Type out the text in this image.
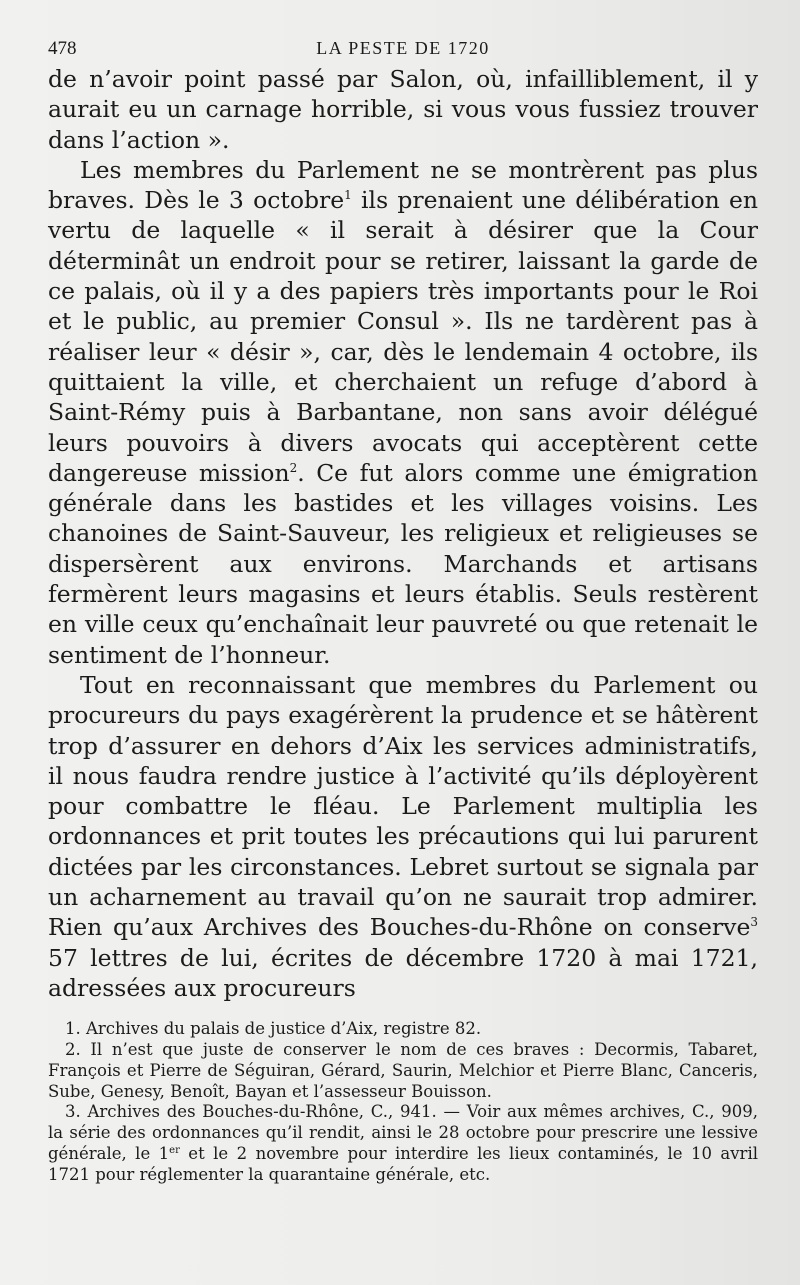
478	LA PESTE DE 1720

de n’avoir point passé par Salon, où, infailliblement, il y aurait eu un carnage horrible, si vous vous fussiez trouver dans l’action ».

Les membres du Parlement ne se montrèrent pas plus braves. Dès le 3 octobre$^1$ ils prenaient une délibération en vertu de laquelle « il serait à désirer que la Cour déterminât un endroit pour se retirer, laissant la garde de ce palais, où il y a des papiers très importants pour le Roi et le public, au premier Consul ». Ils ne tardèrent pas à réaliser leur « désir », car, dès le lendemain 4 octobre, ils quittaient la ville, et cherchaient un refuge d’abord à Saint-Rémy puis à Barbantane, non sans avoir délégué leurs pouvoirs à divers avocats qui acceptèrent cette dangereuse mission$^2$. Ce fut alors comme une émigration générale dans les bastides et les villages voisins. Les chanoines de Saint-Sauveur, les religieux et religieuses se dispersèrent aux environs. Marchands et artisans fermèrent leurs magasins et leurs établis. Seuls restèrent en ville ceux qu’enchaînait leur pauvreté ou que retenait le sentiment de l’honneur.

Tout en reconnaissant que membres du Parlement ou procureurs du pays exagérèrent la prudence et se hâtèrent trop d’assurer en dehors d’Aix les services administratifs, il nous faudra rendre justice à l’activité qu’ils déployèrent pour combattre le fléau. Le Parlement multiplia les ordonnances et prit toutes les précautions qui lui parurent dictées par les circonstances. Lebret surtout se signala par un acharnement au travail qu’on ne saurait trop admirer. Rien qu’aux Archives des Bouches-du-Rhône on conserve$^3$ 57 lettres de lui, écrites de décembre 1720 à mai 1721, adressées aux procureurs

1. Archives du palais de justice d’Aix, registre 82.

2. Il n’est que juste de conserver le nom de ces braves : Decormis, Tabaret, François et Pierre de Séguiran, Gérard, Saurin, Melchior et Pierre Blanc, Canceris, Sube, Genesy, Benoît, Bayan et l’assesseur Bouisson.

3. Archives des Bouches-du-Rhône, C., 941. — Voir aux mêmes archives, C., 909, la série des ordonnances qu’il rendit, ainsi le 28 octobre pour prescrire une lessive générale, le 1er et le 2 novembre pour interdire les lieux contaminés, le 10 avril 1721 pour réglementer la quarantaine générale, etc.
